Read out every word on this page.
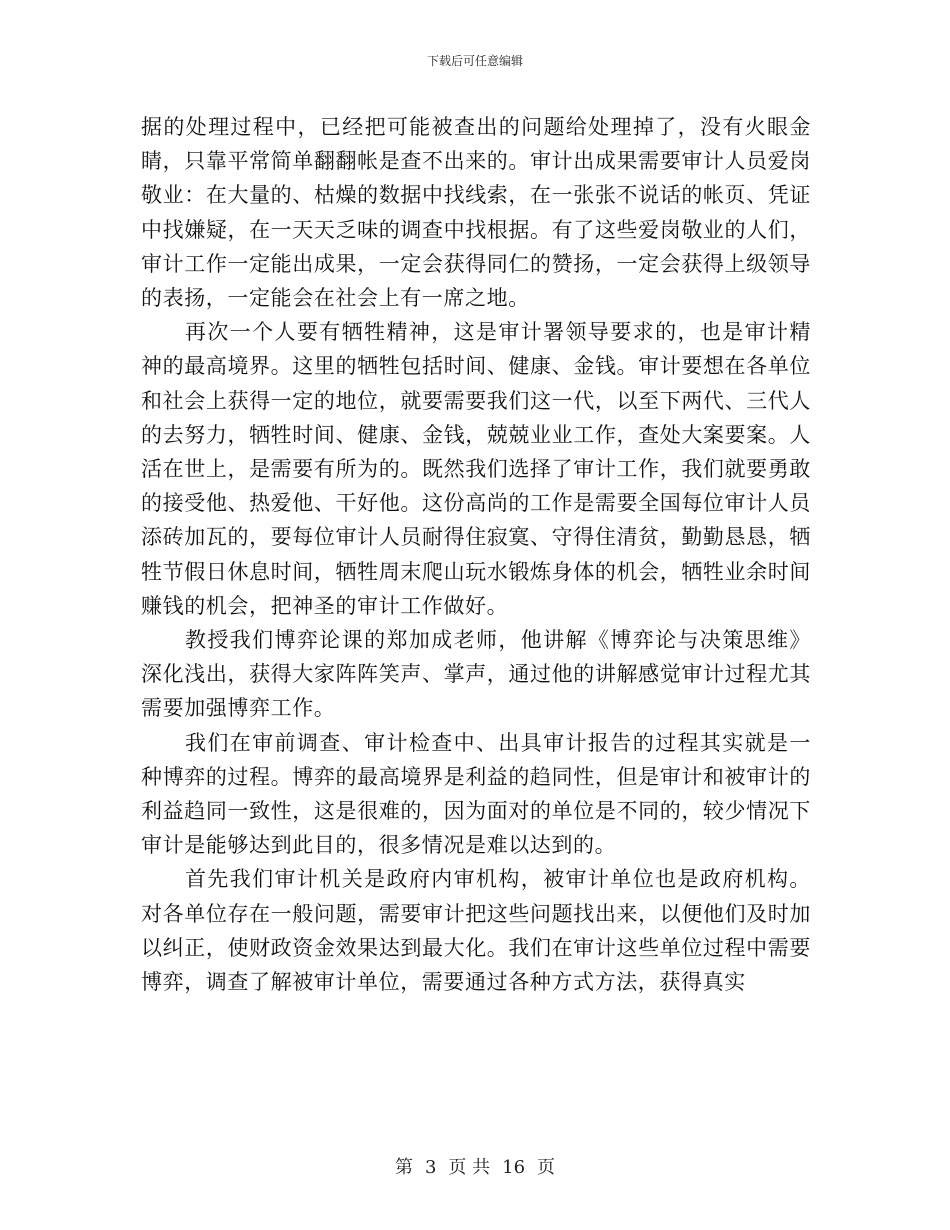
下载后可任意编辑

据的处理过程中，已经把可能被查出的问题给处理掉了，没有火眼金睛，只靠平常简单翻翻帐是查不出来的。审计出成果需要审计人员爱岗敬业：在大量的、枯燥的数据中找线索，在一张张不说话的帐页、凭证中找嫌疑，在一天天乏味的调查中找根据。有了这些爱岗敬业的人们，审计工作一定能出成果，一定会获得同仁的赞扬，一定会获得上级领导的表扬，一定能会在社会上有一席之地。

再次一个人要有牺牲精神，这是审计署领导要求的，也是审计精神的最高境界。这里的牺牲包括时间、健康、金钱。审计要想在各单位和社会上获得一定的地位，就要需要我们这一代，以至下两代、三代人的去努力，牺牲时间、健康、金钱，兢兢业业工作，查处大案要案。人活在世上，是需要有所为的。既然我们选择了审计工作，我们就要勇敢的接受他、热爱他、干好他。这份高尚的工作是需要全国每位审计人员添砖加瓦的，要每位审计人员耐得住寂寞、守得住清贫，勤勤恳恳，牺牲节假日休息时间，牺牲周末爬山玩水锻炼身体的机会，牺牲业余时间赚钱的机会，把神圣的审计工作做好。

教授我们博弈论课的郑加成老师，他讲解《博弈论与决策思维》深化浅出，获得大家阵阵笑声、掌声，通过他的讲解感觉审计过程尤其需要加强博弈工作。

我们在审前调查、审计检查中、出具审计报告的过程其实就是一种博弈的过程。博弈的最高境界是利益的趋同性，但是审计和被审计的利益趋同一致性，这是很难的，因为面对的单位是不同的，较少情况下审计是能够达到此目的，很多情况是难以达到的。

首先我们审计机关是政府内审机构，被审计单位也是政府机构。对各单位存在一般问题，需要审计把这些问题找出来，以便他们及时加以纠正，使财政资金效果达到最大化。我们在审计这些单位过程中需要博弈，调查了解被审计单位，需要通过各种方式方法，获得真实

第 3 页 共 16 页
